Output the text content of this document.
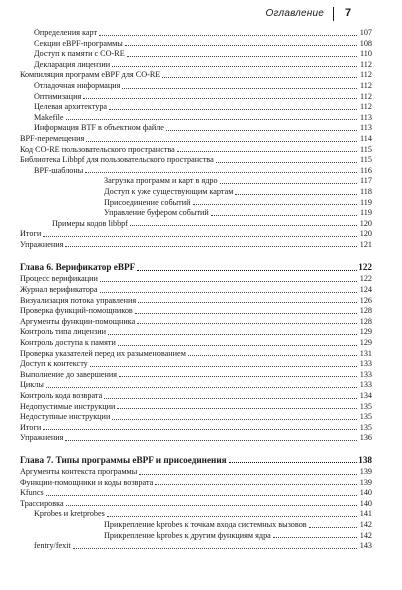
Оглавление 7
Определения карт	107
Секции eBPF-программы	108
Доступ к памяти с CO-RE	110
Декларация лицензии	112
Компиляция программ eBPF для CO-RE	112
Отладочная информация	112
Оптимизация	112
Целевая архитектура	112
Makefile	113
Информация BTF в объектном файле	113
BPF-перемещения	114
Код CO-RE пользовательского пространства	115
Библиотека Libbpf для пользовательского пространства	115
BPF-шаблоны	116
Загрузка программ и карт в ядро	117
Доступ к уже существующим картам	118
Присоединение событий	119
Управление буфером событий	119
Примеры кодов libbpf	120
Итоги	120
Упражнения	121
Глава 6. Верификатор eBPF	122
Процесс верификации	122
Журнал верификатора	124
Визуализация потока управления	126
Проверка функций-помощников	128
Аргументы функции-помощника	128
Контроль типа лицензии	129
Контроль доступа к памяти	129
Проверка указателей перед их разыменованием	131
Доступ к контексту	133
Выполнение до завершения	133
Циклы	133
Контроль кода возврата	134
Недопустимые инструкции	135
Недоступные инструкции	135
Итоги	135
Упражнения	136
Глава 7. Типы программы eBPF и присоединения	138
Аргументы контекста программы	139
Функции-помощники и коды возврата	139
Kfuncs	140
Трассировка	140
Kprobes и kretprobes	141
Прикрепление kprobes к точкам входа системных вызовов	142
Прикрепление kprobes к другим функциям ядра	142
fentry/fexit	143
